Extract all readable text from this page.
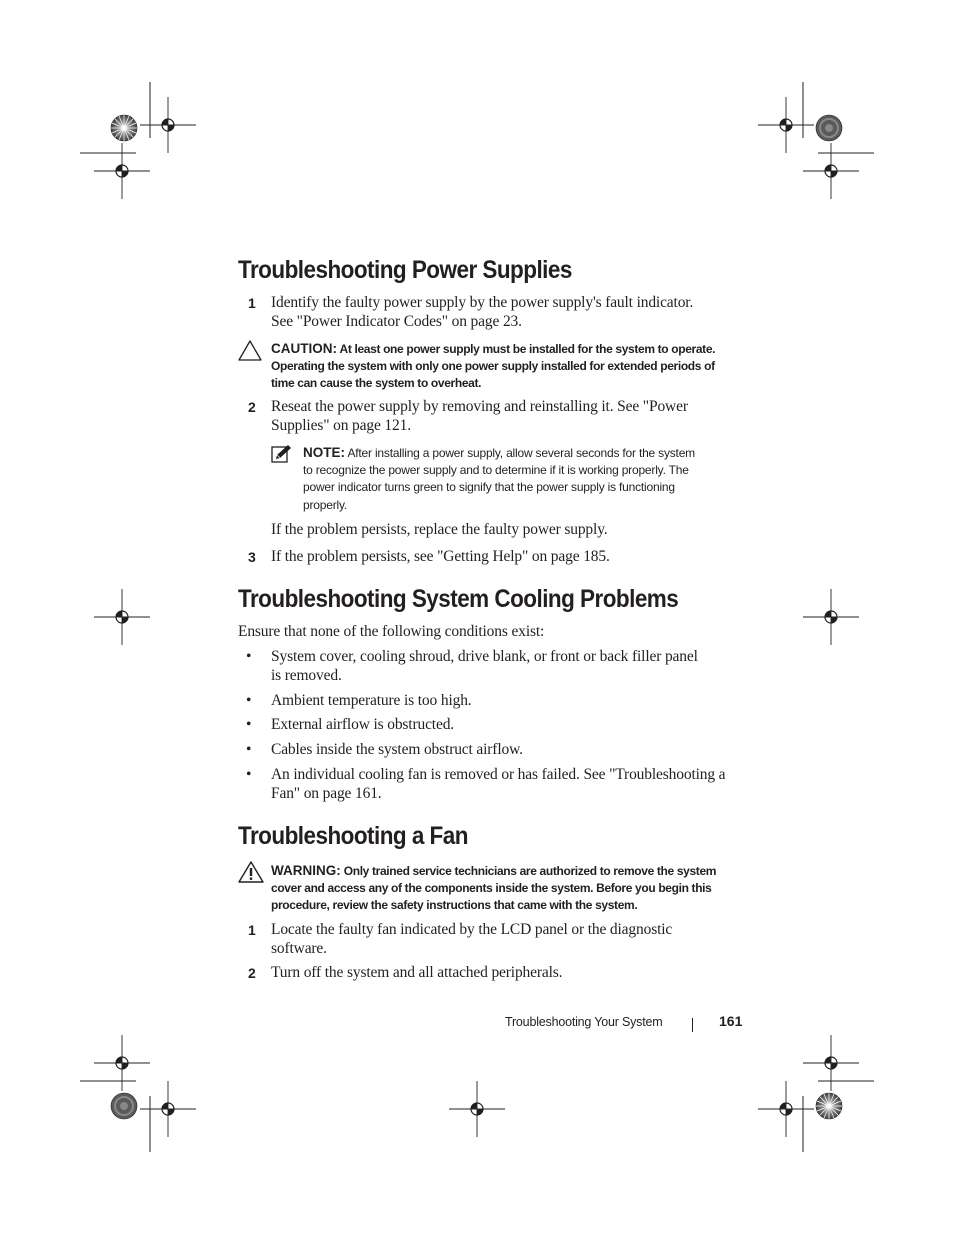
Troubleshooting Power Supplies
1 Identify the faulty power supply by the power supply's fault indicator.
See "Power Indicator Codes" on page 23.
CAUTION: At least one power supply must be installed for the system to operate.
Operating the system with only one power supply installed for extended periods of
time can cause the system to overheat.
2 Reseat the power supply by removing and reinstalling it. See "Power
Supplies" on page 121.
NOTE: After installing a power supply, allow several seconds for the system
to recognize the power supply and to determine if it is working properly. The
power indicator turns green to signify that the power supply is functioning
properly.
If the problem persists, replace the faulty power supply.
3 If the problem persists, see "Getting Help" on page 185.
Troubleshooting System Cooling Problems
Ensure that none of the following conditions exist:
• System cover, cooling shroud, drive blank, or front or back filler panel
is removed.
• Ambient temperature is too high.
• External airflow is obstructed.
• Cables inside the system obstruct airflow.
• An individual cooling fan is removed or has failed. See "Troubleshooting a
Fan" on page 161.
Troubleshooting a Fan
WARNING: Only trained service technicians are authorized to remove the system
cover and access any of the components inside the system. Before you begin this
procedure, review the safety instructions that came with the system.
1 Locate the faulty fan indicated by the LCD panel or the diagnostic
software.
2 Turn off the system and all attached peripherals.
Troubleshooting Your System	161
